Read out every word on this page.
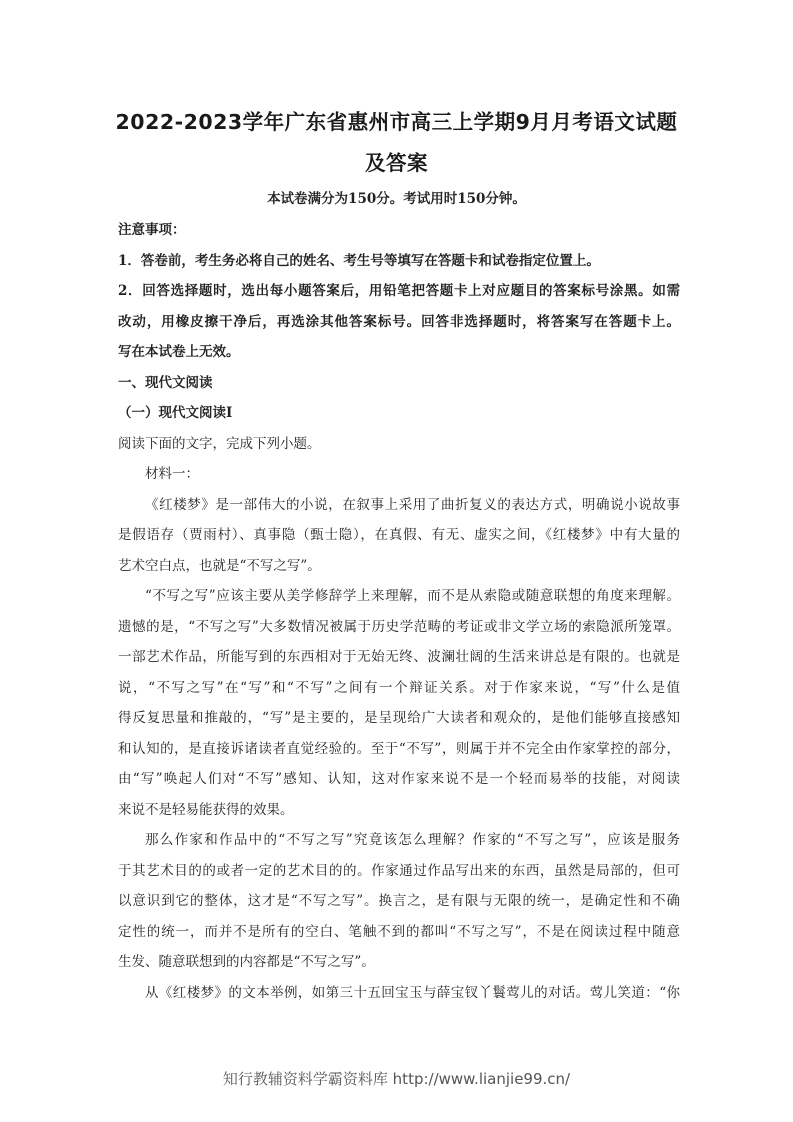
2022-2023学年广东省惠州市高三上学期9月月考语文试题
及答案
本试卷满分为150分。考试用时150分钟。

注意事项：

1．答卷前，考生务必将自己的姓名、考生号等填写在答题卡和试卷指定位置上。

2．回答选择题时，选出每小题答案后，用铅笔把答题卡上对应题目的答案标号涂黑。如需

改动，用橡皮擦干净后，再选涂其他答案标号。回答非选择题时，将答案写在答题卡上。

写在本试卷上无效。

一、现代文阅读

（一）现代文阅读Ⅰ

阅读下面的文字，完成下列小题。

材料一：

《红楼梦》是一部伟大的小说，在叙事上采用了曲折复义的表达方式，明确说小说故事

是假语存（贾雨村）、真事隐（甄士隐），在真假、有无、虚实之间，《红楼梦》中有大量的

艺术空白点，也就是“不写之写”。

“不写之写”应该主要从美学修辞学上来理解，而不是从索隐或随意联想的角度来理解。

遗憾的是，“不写之写”大多数情况被属于历史学范畴的考证或非文学立场的索隐派所笼罩。

一部艺术作品，所能写到的东西相对于无始无终、波澜壮阔的生活来讲总是有限的。也就是

说，“不写之写”在“写”和“不写”之间有一个辩证关系。对于作家来说，“写”什么是值

得反复思量和推敲的，“写”是主要的，是呈现给广大读者和观众的，是他们能够直接感知

和认知的，是直接诉诸读者直觉经验的。至于“不写”，则属于并不完全由作家掌控的部分，

由“写”唤起人们对“不写”感知、认知，这对作家来说不是一个轻而易举的技能，对阅读

来说不是轻易能获得的效果。

那么作家和作品中的“不写之写”究竟该怎么理解？作家的“不写之写”，应该是服务

于其艺术目的的或者一定的艺术目的的。作家通过作品写出来的东西，虽然是局部的，但可

以意识到它的整体，这才是“不写之写”。换言之，是有限与无限的统一，是确定性和不确

定性的统一，而并不是所有的空白、笔触不到的都叫“不写之写”，不是在阅读过程中随意

生发、随意联想到的内容都是“不写之写”。

从《红楼梦》的文本举例，如第三十五回宝玉与薛宝钗丫鬟莺儿的对话。莺儿笑道：“你

知行教辅资料学霸资料库 http://www.lianjie99.cn/
